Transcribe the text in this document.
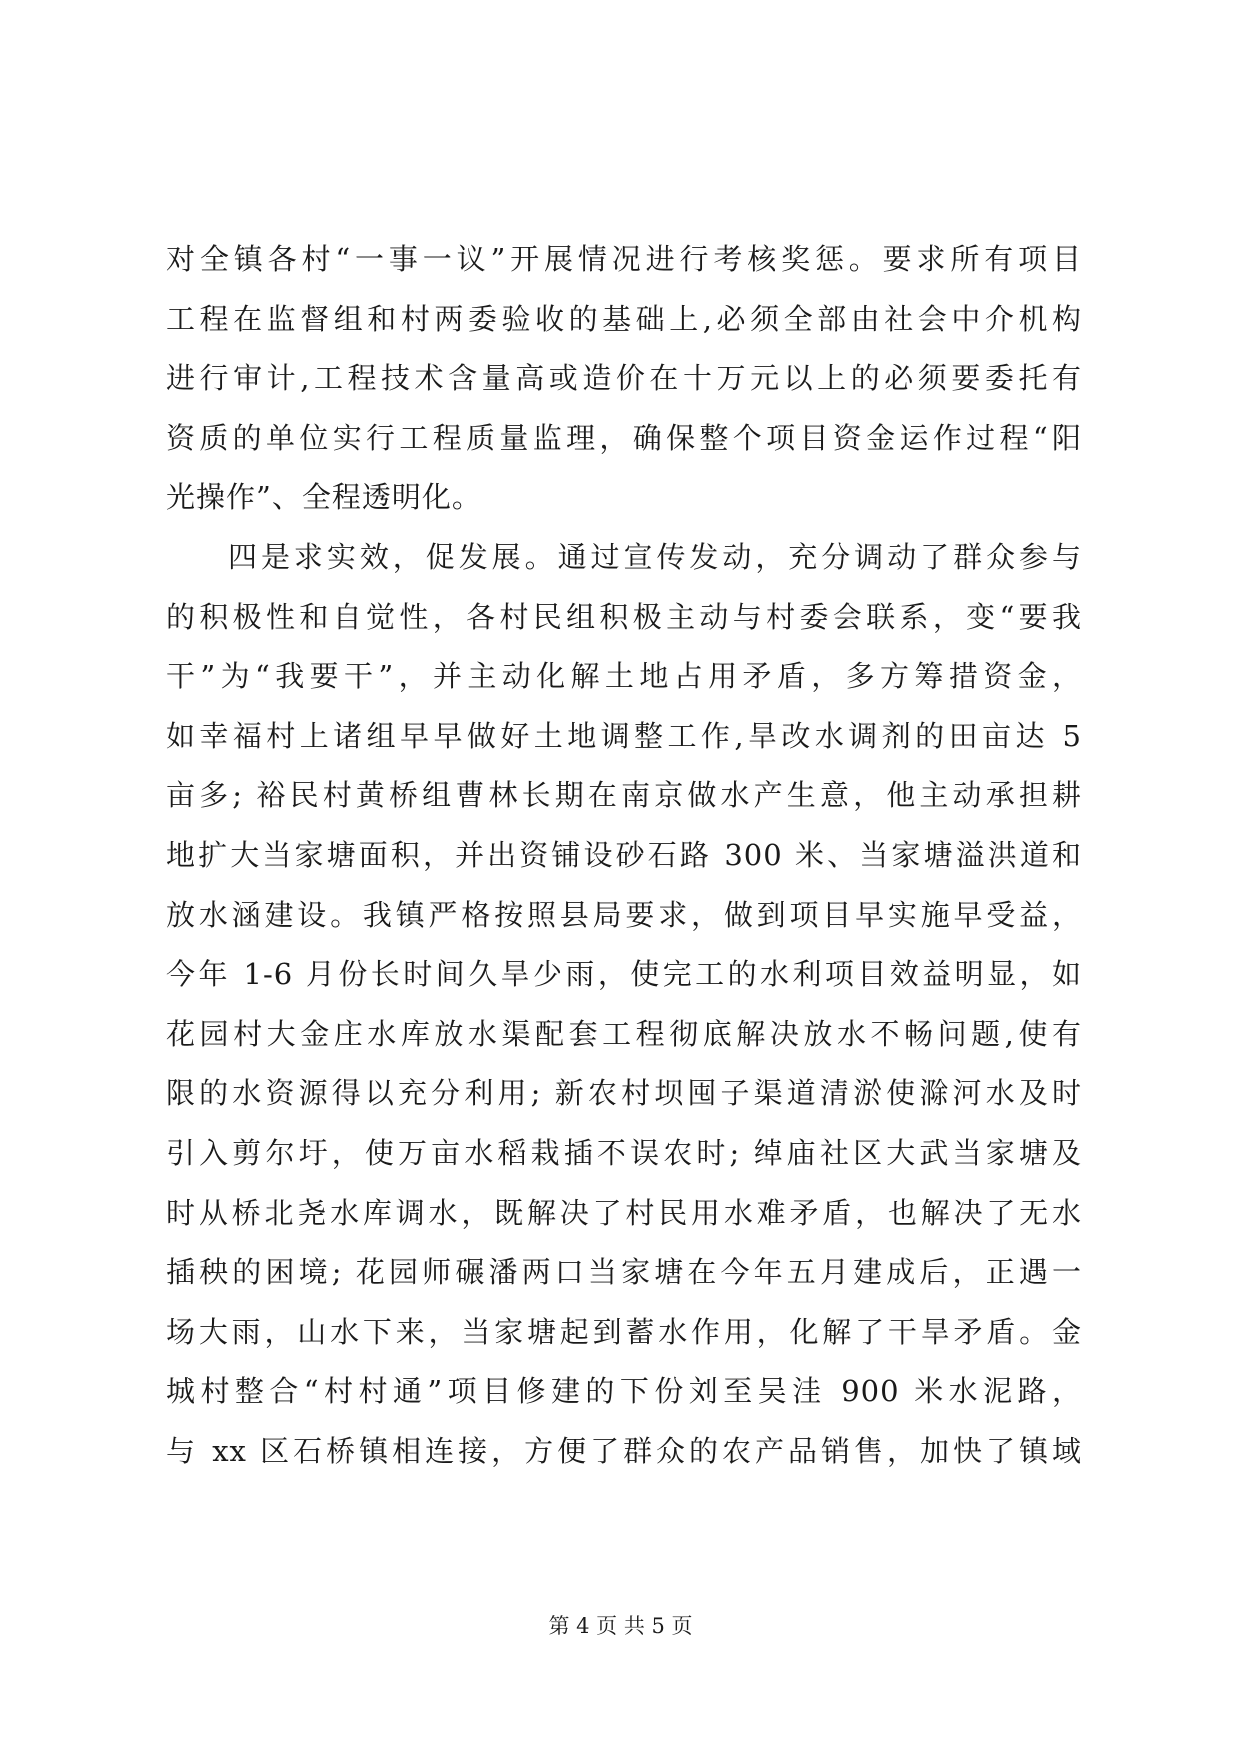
对全镇各村“一事一议”开展情况进行考核奖惩。要求所有项目
工程在监督组和村两委验收的基础上,必须全部由社会中介机构
进行审计,工程技术含量高或造价在十万元以上的必须要委托有
资质的单位实行工程质量监理，确保整个项目资金运作过程“阳
光操作”、全程透明化。
四是求实效，促发展。通过宣传发动，充分调动了群众参与
的积极性和自觉性，各村民组积极主动与村委会联系，变“要我
干”为“我要干”，并主动化解土地占用矛盾，多方筹措资金，
如幸福村上诸组早早做好土地调整工作,旱改水调剂的田亩达 5
亩多; 裕民村黄桥组曹林长期在南京做水产生意，他主动承担耕
地扩大当家塘面积，并出资铺设砂石路 300 米、当家塘溢洪道和
放水涵建设。我镇严格按照县局要求，做到项目早实施早受益，
今年 1-6 月份长时间久旱少雨，使完工的水利项目效益明显，如
花园村大金庄水库放水渠配套工程彻底解决放水不畅问题,使有
限的水资源得以充分利用; 新农村坝囤子渠道清淤使滁河水及时
引入剪尔圩，使万亩水稻栽插不误农时; 绰庙社区大武当家塘及
时从桥北尧水库调水，既解决了村民用水难矛盾，也解决了无水
插秧的困境; 花园师碾潘两口当家塘在今年五月建成后，正遇一
场大雨，山水下来，当家塘起到蓄水作用，化解了干旱矛盾。金
城村整合“村村通”项目修建的下份刘至吴洼 900 米水泥路，
与 xx 区石桥镇相连接，方便了群众的农产品销售，加快了镇域
第 4 页 共 5 页
